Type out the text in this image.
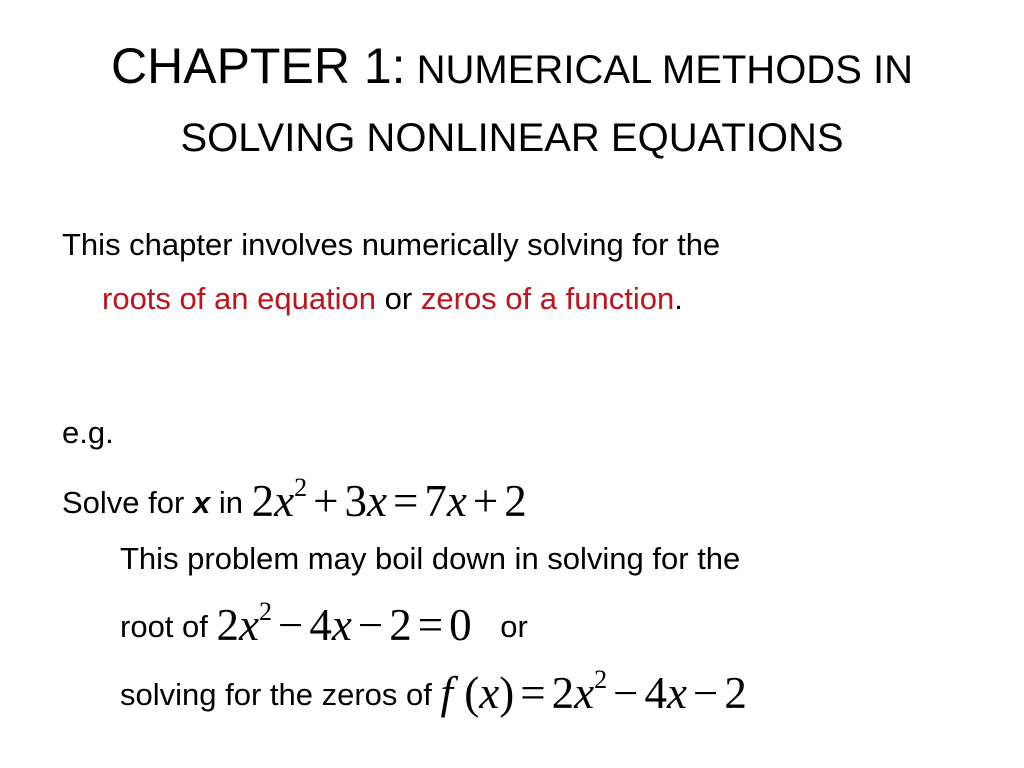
CHAPTER 1: NUMERICAL METHODS IN
SOLVING NONLINEAR EQUATIONS
This chapter involves numerically solving for the
roots of an equation or zeros of a function.
e.g.
Solve for x in $2x^2 + 3x = 7x + 2$
This problem may boil down in solving for the
root of $2x^2 - 4x - 2 = 0$ or
solving for the zeros of f $(x) = 2x^2 - 4x - 2$
